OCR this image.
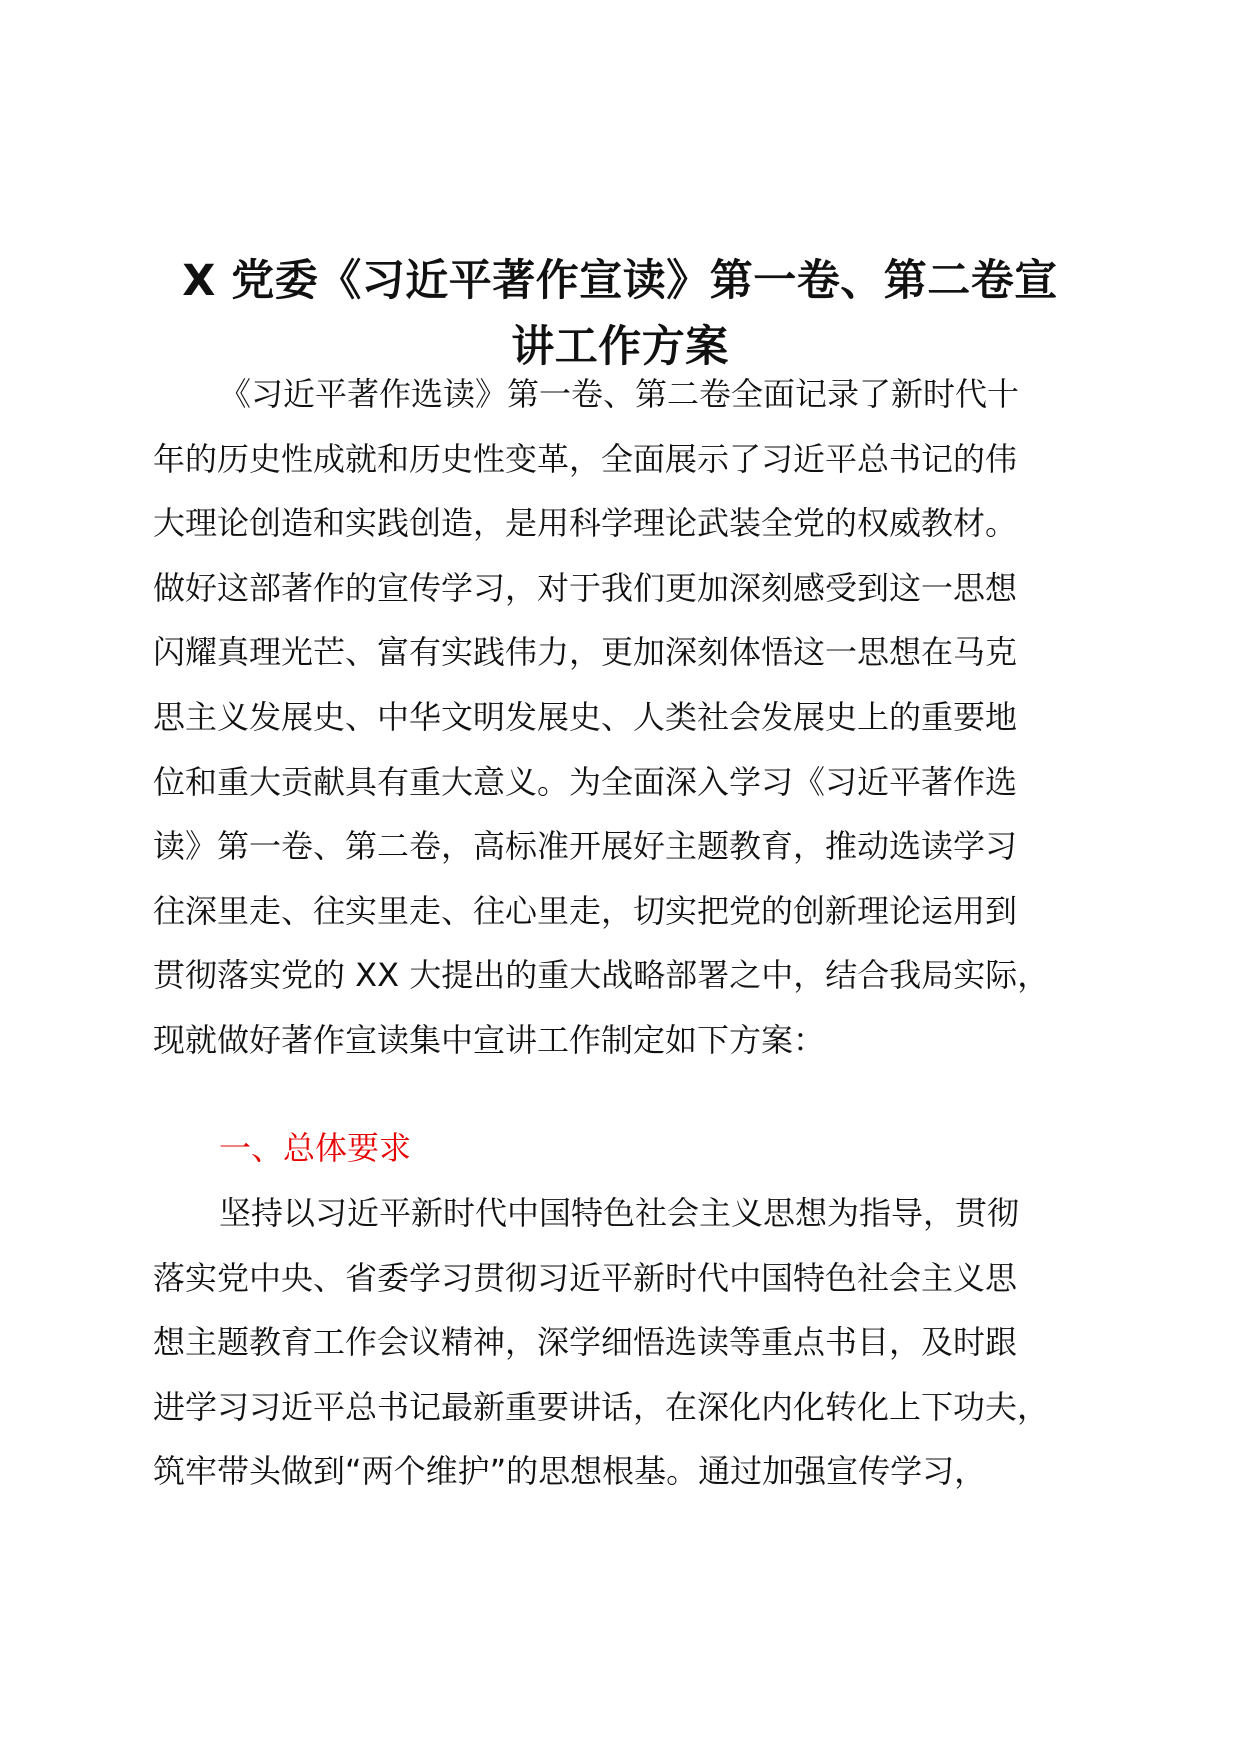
X 党委《习近平著作宣读》第一卷、第二卷宣
讲工作方案
《习近平著作选读》第一卷、第二卷全面记录了新时代十
年的历史性成就和历史性变革，全面展示了习近平总书记的伟
大理论创造和实践创造，是用科学理论武装全党的权威教材。
做好这部著作的宣传学习，对于我们更加深刻感受到这一思想
闪耀真理光芒、富有实践伟力，更加深刻体悟这一思想在马克
思主义发展史、中华文明发展史、人类社会发展史上的重要地
位和重大贡献具有重大意义。为全面深入学习《习近平著作选
读》第一卷、第二卷，高标准开展好主题教育，推动选读学习
往深里走、往实里走、往心里走，切实把党的创新理论运用到
贯彻落实党的 XX 大提出的重大战略部署之中，结合我局实际，
现就做好著作宣读集中宣讲工作制定如下方案：
一、总体要求
坚持以习近平新时代中国特色社会主义思想为指导，贯彻
落实党中央、省委学习贯彻习近平新时代中国特色社会主义思
想主题教育工作会议精神，深学细悟选读等重点书目，及时跟
进学习习近平总书记最新重要讲话，在深化内化转化上下功夫，
筑牢带头做到“两个维护”的思想根基。通过加强宣传学习，
